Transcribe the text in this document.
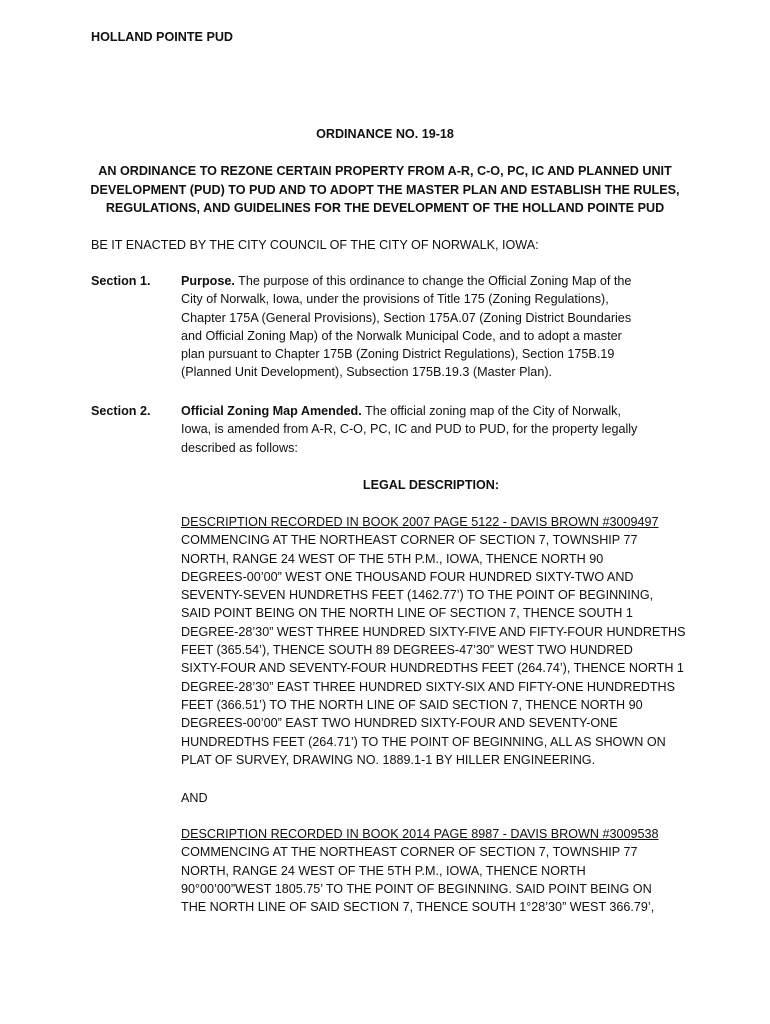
HOLLAND POINTE PUD
ORDINANCE NO. 19-18
AN ORDINANCE TO REZONE CERTAIN PROPERTY FROM A-R, C-O, PC, IC AND PLANNED UNIT DEVELOPMENT (PUD) TO PUD AND TO ADOPT THE MASTER PLAN AND ESTABLISH THE RULES, REGULATIONS, AND GUIDELINES FOR THE DEVELOPMENT OF THE HOLLAND POINTE PUD
BE IT ENACTED BY THE CITY COUNCIL OF THE CITY OF NORWALK, IOWA:
Section 1. Purpose. The purpose of this ordinance to change the Official Zoning Map of the
City of Norwalk, Iowa, under the provisions of Title 175 (Zoning Regulations),
Chapter 175A (General Provisions), Section 175A.07 (Zoning District Boundaries
and Official Zoning Map) of the Norwalk Municipal Code, and to adopt a master
plan pursuant to Chapter 175B (Zoning District Regulations), Section 175B.19
(Planned Unit Development), Subsection 175B.19.3 (Master Plan).
Section 2. Official Zoning Map Amended. The official zoning map of the City of Norwalk,
Iowa, is amended from A-R, C-O, PC, IC and PUD to PUD, for the property legally
described as follows:
LEGAL DESCRIPTION:
DESCRIPTION RECORDED IN BOOK 2007 PAGE 5122 - DAVIS BROWN #3009497
COMMENCING AT THE NORTHEAST CORNER OF SECTION 7, TOWNSHIP 77
NORTH, RANGE 24 WEST OF THE 5TH P.M., IOWA, THENCE NORTH 90
DEGREES-00’00” WEST ONE THOUSAND FOUR HUNDRED SIXTY-TWO AND
SEVENTY-SEVEN HUNDRETHS FEET (1462.77’) TO THE POINT OF BEGINNING,
SAID POINT BEING ON THE NORTH LINE OF SECTION 7, THENCE SOUTH 1
DEGREE-28’30” WEST THREE HUNDRED SIXTY-FIVE AND FIFTY-FOUR HUNDRETHS
FEET (365.54’), THENCE SOUTH 89 DEGREES-47’30” WEST TWO HUNDRED
SIXTY-FOUR AND SEVENTY-FOUR HUNDREDTHS FEET (264.74’), THENCE NORTH 1
DEGREE-28’30” EAST THREE HUNDRED SIXTY-SIX AND FIFTY-ONE HUNDREDTHS
FEET (366.51’) TO THE NORTH LINE OF SAID SECTION 7, THENCE NORTH 90
DEGREES-00’00” EAST TWO HUNDRED SIXTY-FOUR AND SEVENTY-ONE
HUNDREDTHS FEET (264.71’) TO THE POINT OF BEGINNING, ALL AS SHOWN ON
PLAT OF SURVEY, DRAWING NO. 1889.1-1 BY HILLER ENGINEERING.
AND
DESCRIPTION RECORDED IN BOOK 2014 PAGE 8987 - DAVIS BROWN #3009538
COMMENCING AT THE NORTHEAST CORNER OF SECTION 7, TOWNSHIP 77
NORTH, RANGE 24 WEST OF THE 5TH P.M., IOWA, THENCE NORTH
90°00’00”WEST 1805.75’ TO THE POINT OF BEGINNING. SAID POINT BEING ON
THE NORTH LINE OF SAID SECTION 7, THENCE SOUTH 1°28’30” WEST 366.79’,
